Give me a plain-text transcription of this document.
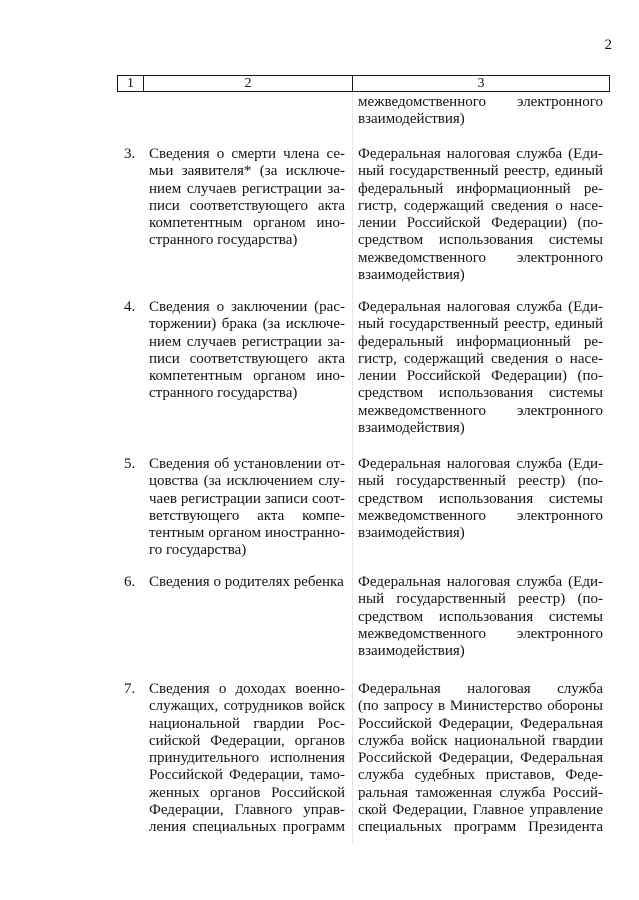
2
1	2	3
межведомственного электронного
взаимодействия)
3. Сведения о смерти члена се-
мьи заявителя* (за исключе-
нием случаев регистрации за-
писи соответствующего акта
компетентным органом ино-
странного государства)
Федеральная налоговая служба (Еди-
ный государственный реестр, единый
федеральный информационный ре-
гистр, содержащий сведения о насе-
лении Российской Федерации) (по-
средством использования системы
межведомственного электронного
взаимодействия)
4. Сведения о заключении (рас-
торжении) брака (за исключе-
нием случаев регистрации за-
писи соответствующего акта
компетентным органом ино-
странного государства)
Федеральная налоговая служба (Еди-
ный государственный реестр, единый
федеральный информационный ре-
гистр, содержащий сведения о насе-
лении Российской Федерации) (по-
средством использования системы
межведомственного электронного
взаимодействия)
5. Сведения об установлении от-
цовства (за исключением слу-
чаев регистрации записи соот-
ветствующего акта компе-
тентным органом иностранно-
го государства)
Федеральная налоговая служба (Еди-
ный государственный реестр) (по-
средством использования системы
межведомственного электронного
взаимодействия)
6. Сведения о родителях ребенка Федеральная налоговая служба (Еди-
ный государственный реестр) (по-
средством использования системы
межведомственного электронного
взаимодействия)
7. Сведения о доходах военно-
служащих, сотрудников войск
национальной гвардии Рос-
сийской Федерации, органов
принудительного исполнения
Российской Федерации, тамо-
женных органов Российской
Федерации, Главного управ-
ления специальных программ
Федеральная налоговая служба
(по запросу в Министерство обороны
Российской Федерации, Федеральная
служба войск национальной гвардии
Российской Федерации, Федеральная
служба судебных приставов, Феде-
ральная таможенная служба Россий-
ской Федерации, Главное управление
специальных программ Президента
